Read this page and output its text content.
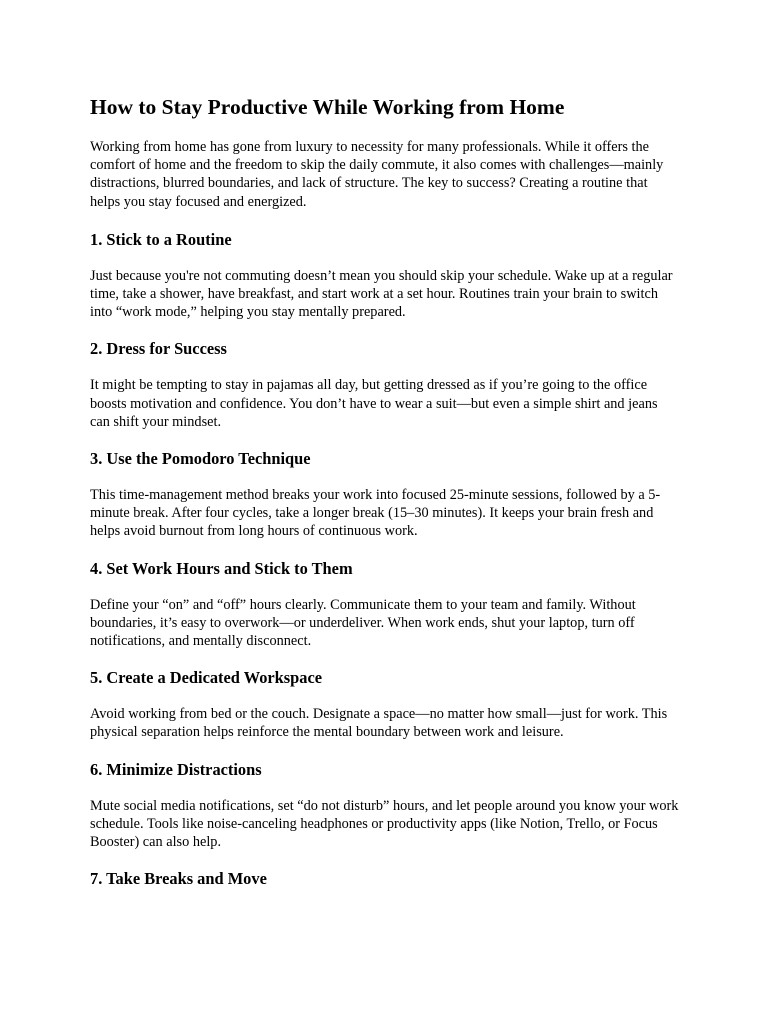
How to Stay Productive While Working from Home

Working from home has gone from luxury to necessity for many professionals. While it offers the comfort of home and the freedom to skip the daily commute, it also comes with challenges—mainly distractions, blurred boundaries, and lack of structure. The key to success? Creating a routine that helps you stay focused and energized.

1. Stick to a Routine

Just because you're not commuting doesn’t mean you should skip your schedule. Wake up at a regular time, take a shower, have breakfast, and start work at a set hour. Routines train your brain to switch into “work mode,” helping you stay mentally prepared.

2. Dress for Success

It might be tempting to stay in pajamas all day, but getting dressed as if you’re going to the office boosts motivation and confidence. You don’t have to wear a suit—but even a simple shirt and jeans can shift your mindset.

3. Use the Pomodoro Technique

This time-management method breaks your work into focused 25-minute sessions, followed by a 5-minute break. After four cycles, take a longer break (15–30 minutes). It keeps your brain fresh and helps avoid burnout from long hours of continuous work.

4. Set Work Hours and Stick to Them

Define your “on” and “off” hours clearly. Communicate them to your team and family. Without boundaries, it’s easy to overwork—or underdeliver. When work ends, shut your laptop, turn off notifications, and mentally disconnect.

5. Create a Dedicated Workspace

Avoid working from bed or the couch. Designate a space—no matter how small—just for work. This physical separation helps reinforce the mental boundary between work and leisure.

6. Minimize Distractions

Mute social media notifications, set “do not disturb” hours, and let people around you know your work schedule. Tools like noise-canceling headphones or productivity apps (like Notion, Trello, or Focus Booster) can also help.

7. Take Breaks and Move
